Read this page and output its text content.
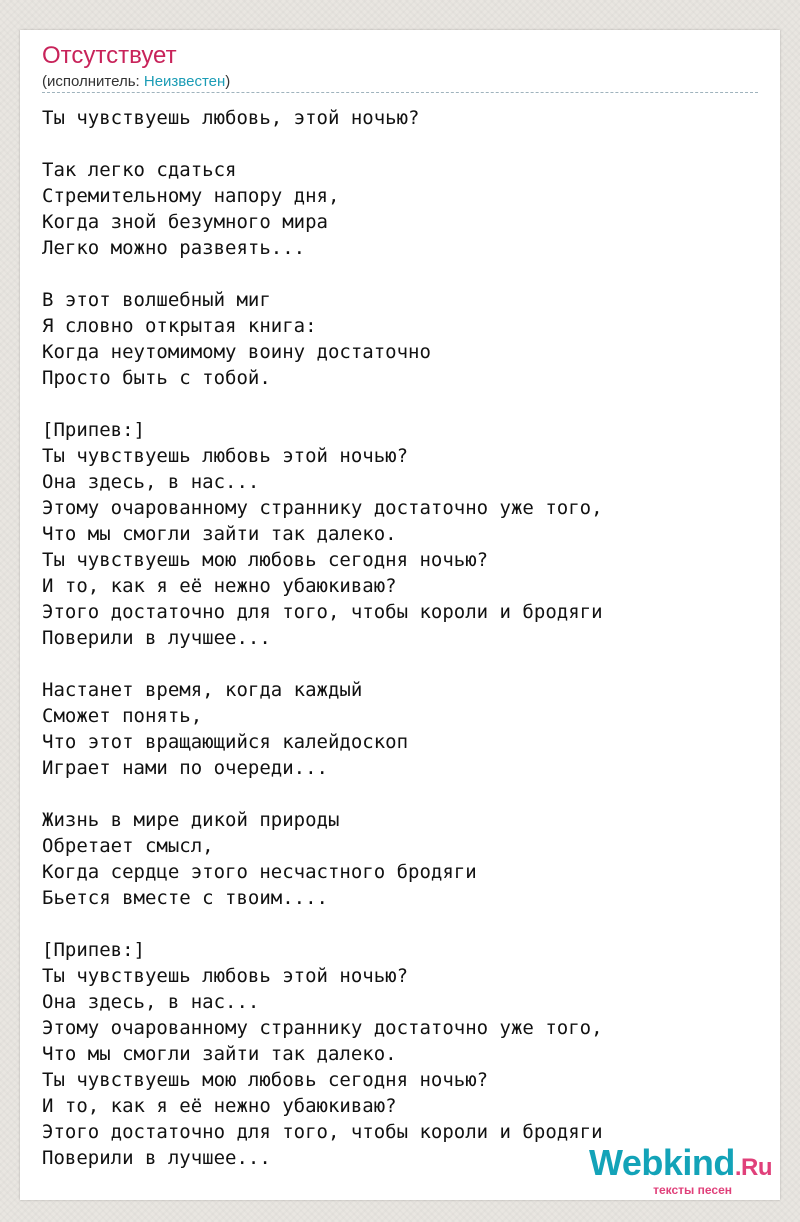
Отсутствует
(исполнитель: Неизвестен)
Ты чувствуешь любовь, этой ночью?

Так легко сдаться
Стремительному напору дня,
Когда зной безумного мира
Легко можно развеять...

В этот волшебный миг
Я словно открытая книга:
Когда неутомимому воину достаточно
Просто быть с тобой.

[Припев:]
Ты чувствуешь любовь этой ночью?
Она здесь, в нас...
Этому очарованному страннику достаточно уже того,
Что мы смогли зайти так далеко.
Ты чувствуешь мою любовь сегодня ночью?
И то, как я её нежно убаюкиваю?
Этого достаточно для того, чтобы короли и бродяги
Поверили в лучшее...

Настанет время, когда каждый
Сможет понять,
Что этот вращающийся калейдоскоп
Играет нами по очереди...

Жизнь в мире дикой природы
Обретает смысл,
Когда сердце этого несчастного бродяги
Бьется вместе с твоим....

[Припев:]
Ты чувствуешь любовь этой ночью?
Она здесь, в нас...
Этому очарованному страннику достаточно уже того,
Что мы смогли зайти так далеко.
Ты чувствуешь мою любовь сегодня ночью?
И то, как я её нежно убаюкиваю?
Этого достаточно для того, чтобы короли и бродяги
Поверили в лучшее...	Webkind.Ru
тексты песен
